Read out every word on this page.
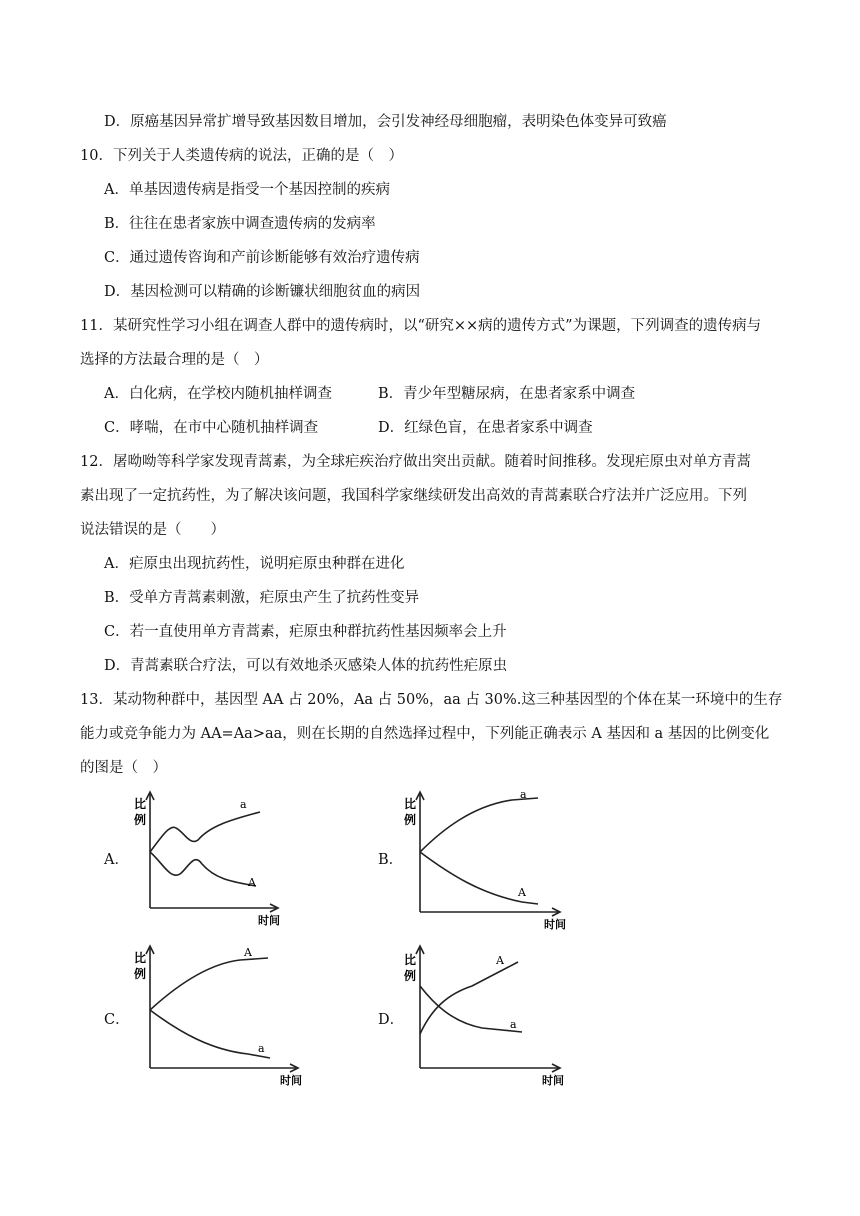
D．原癌基因异常扩增导致基因数目增加，会引发神经母细胞瘤，表明染色体变异可致癌
10．下列关于人类遗传病的说法，正确的是（　）
A．单基因遗传病是指受一个基因控制的疾病
B．往往在患者家族中调查遗传病的发病率
C．通过遗传咨询和产前诊断能够有效治疗遗传病
D．基因检测可以精确的诊断镰状细胞贫血的病因
11．某研究性学习小组在调查人群中的遗传病时，以“研究××病的遗传方式”为课题，下列调查的遗传病与
选择的方法最合理的是（　）
A．白化病，在学校内随机抽样调查	B．青少年型糖尿病，在患者家系中调查
C．哮喘，在市中心随机抽样调查	D．红绿色盲，在患者家系中调查
12．屠呦呦等科学家发现青蒿素，为全球疟疾治疗做出突出贡献。随着时间推移。发现疟原虫对单方青蒿
素出现了一定抗药性，为了解决该问题，我国科学家继续研发出高效的青蒿素联合疗法并广泛应用。下列
说法错误的是（　　）
A．疟原虫出现抗药性，说明疟原虫种群在进化
B．受单方青蒿素刺激，疟原虫产生了抗药性变异
C．若一直使用单方青蒿素，疟原虫种群抗药性基因频率会上升
D．青蒿素联合疗法，可以有效地杀灭感染人体的抗药性疟原虫
13．某动物种群中，基因型 AA 占 20%，Aa 占 50%，aa 占 30%.这三种基因型的个体在某一环境中的生存
能力或竞争能力为 AA=Aa>aa，则在长期的自然选择过程中，下列能正确表示 A 基因和 a 基因的比例变化
的图是（　）
A．
比
例
a
A
时间
B．
比
例
a
A
时间
C．
比
例
A
a
时间
D．
比
例
A
a
时间
